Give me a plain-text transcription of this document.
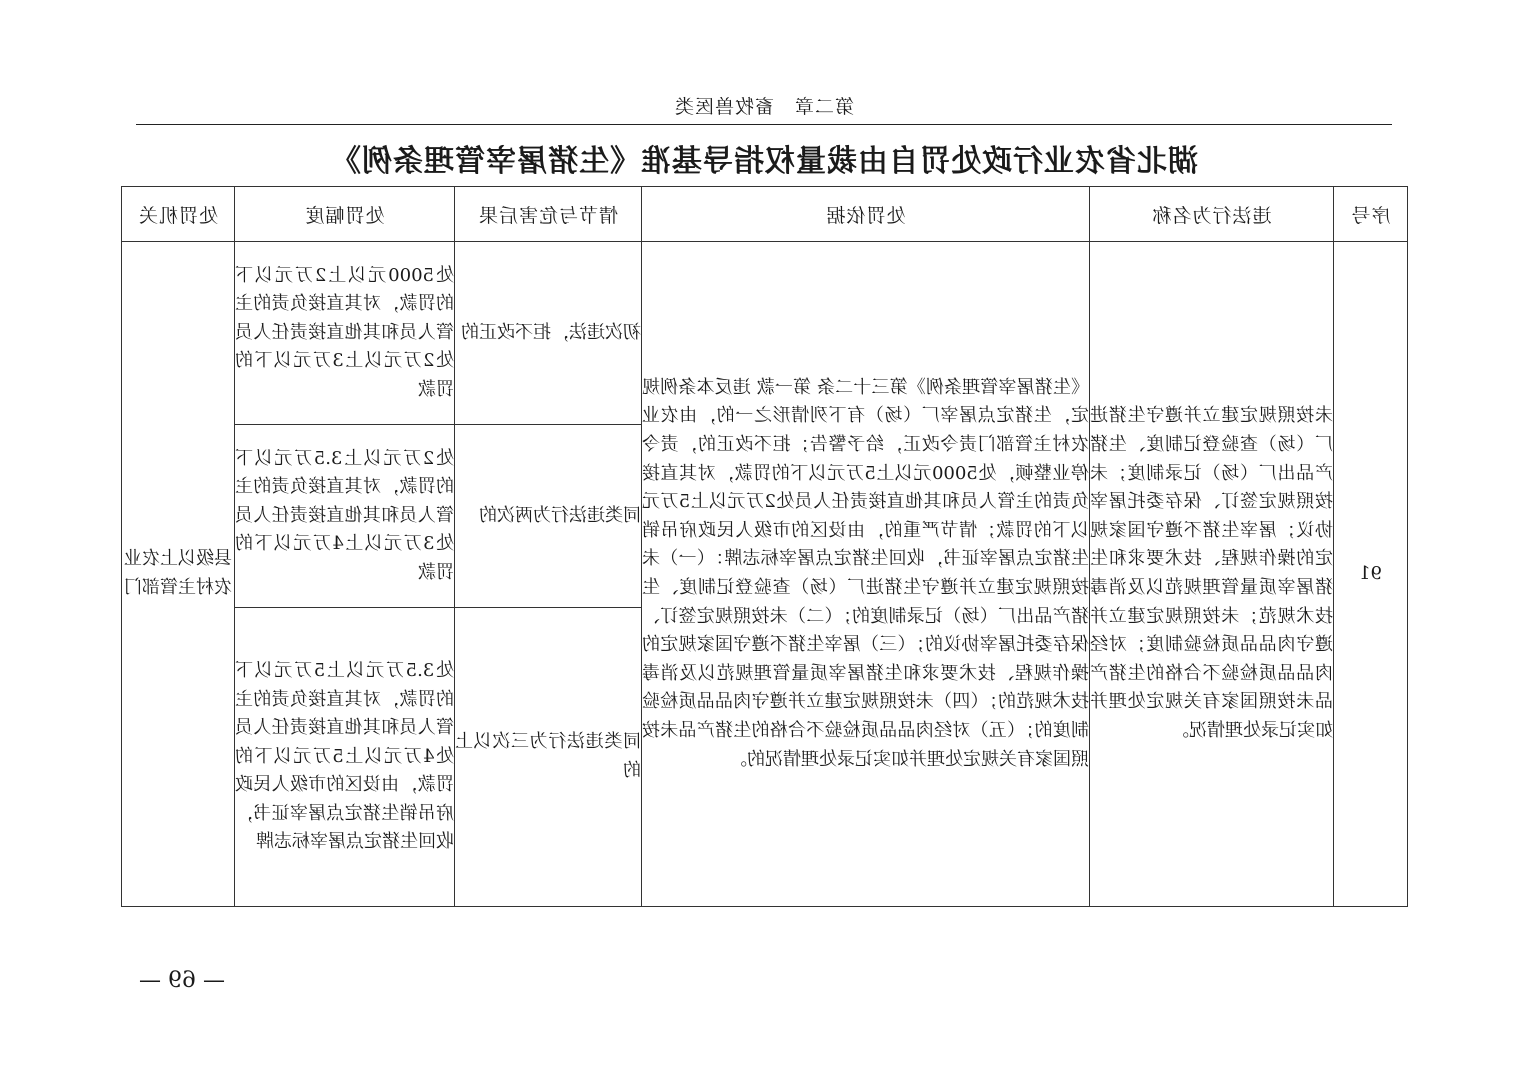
第二章　畜牧兽医类
湖北省农业行政处罚自由裁量权指导基准《生猪屠宰管理条例》
序号	违法行为名称	处罚依据	情节与危害后果	处罚幅度	处罚机关
91	未按照规定建立并遵守生猪进厂（场）查验登记制度、生猪产品出厂（场）记录制度；未按照规定签订、保存委托屠宰协议；屠宰生猪不遵守国家规定的操作规程、技术要求和生猪屠宰质量管理规范以及消毒技术规范；未按照规定建立并遵守肉品品质检验制度；对经肉品品质检验不合格的生猪产品未按照国家有关规定处理并如实记录处理情况。	《生猪屠宰管理条例》第三十二条 第一款 违反本条例规定，生猪定点屠宰厂（场）有下列情形之一的，由农业农村主管部门责令改正，给予警告；拒不改正的，责令停业整顿，处5000元以上5万元以下的罚款，对其直接负责的主管人员和其他直接责任人员处2万元以上5万元以下的罚款；情节严重的，由设区的市级人民政府吊销生猪定点屠宰证书，收回生猪定点屠宰标志牌：（一）未按照规定建立并遵守生猪进厂（场）查验登记制度、生猪产品出厂（场）记录制度的；（二）未按照规定签订、保存委托屠宰协议的；（三）屠宰生猪不遵守国家规定的操作规程、技术要求和生猪屠宰质量管理规范以及消毒技术规范的；（四）未按照规定建立并遵守肉品品质检验制度的；（五）对经肉品品质检验不合格的生猪产品未按照国家有关规定处理并如实记录处理情况的。	初次违法，拒不改正的	处5000元以上2万元以下的罚款，对其直接负责的主管人员和其他直接责任人员处2万元以上3万元以下的罚款	县级以上农业农村主管部门
			同类违法行为两次的	处2万元以上3.5万元以下的罚款，对其直接负责的主管人员和其他直接责任人员处3万元以上4万元以下的罚款	
			同类违法行为三次以上的	处3.5万元以上5万元以下的罚款，对其直接负责的主管人员和其他直接责任人员处4万元以上5万元以下的罚款，由设区的市级人民政府吊销生猪定点屠宰证书，收回生猪定点屠宰标志牌	
— 69 —
